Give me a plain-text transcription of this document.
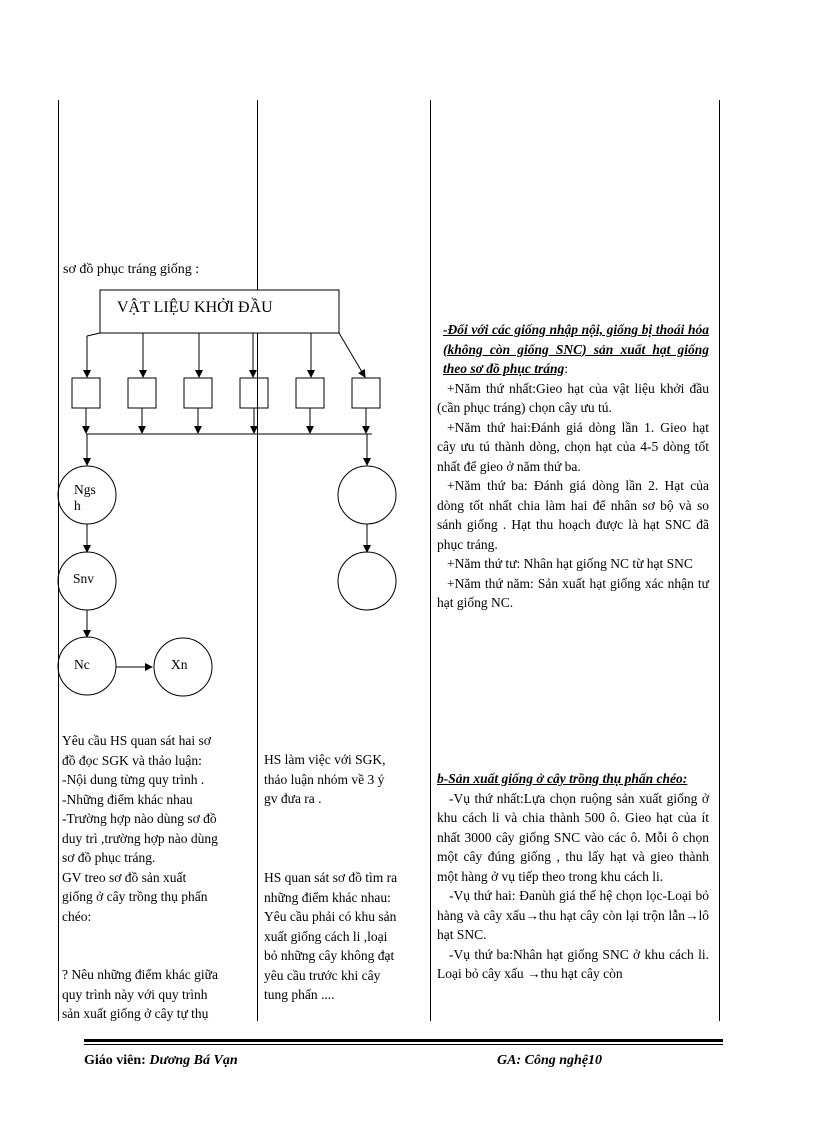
sơ đồ phục tráng giống :
VẬT LIỆU KHỞI ĐẦU
Ngs h
Snv
Nc	Xn
Yêu cầu HS quan sát hai sơ
đồ đọc SGK và thảo luận:
-Nội dung từng quy trình .
-Những điểm khác nhau
-Trường hợp nào dùng sơ đồ
duy trì ,trường hợp nào dùng
sơ đồ phục tráng.
GV treo sơ đồ sản xuất
giống ở cây trồng thụ phấn
chéo:
? Nêu những điểm khác giữa
quy trình này với quy trình
sản xuất giống ở cây tự thụ
HS làm việc với SGK,
thảo luận nhóm về 3 ý
gv đưa ra .
HS quan sát sơ đồ tìm ra
những điểm khác nhau:
Yêu cầu phải có khu sản
xuất giống cách li ,loại
bỏ những cây không đạt
yêu cầu trước khi cây
tung phấn ....

-Đối với các giống nhập nội, giống bị thoái hóa (không còn giống SNC) sản xuất hạt giống theo sơ đồ phục tráng:

+Năm thứ nhất:Gieo hạt của vật liệu khởi đầu (cần phục tráng) chọn cây ưu tú.

+Năm thứ hai:Đánh giá dòng lần 1. Gieo hạt cây ưu tú thành dòng, chọn hạt của 4-5 dòng tốt nhất để gieo ở năm thứ ba.

+Năm thứ ba: Đánh giá dòng lần 2. Hạt của dòng tốt nhất chia làm hai để nhân sơ bộ và so sánh giống . Hạt thu hoạch được là hạt SNC đã phục tráng.

+Năm thứ tư: Nhân hạt giống NC từ hạt SNC

+Năm thứ năm: Sản xuất hạt giống xác nhận tư hạt giống NC.

b-Sản xuất giống ở cây trồng thụ phấn chéo:

-Vụ thứ nhất:Lựa chọn ruộng sản xuất giống ở khu cách li và chia thành 500 ô. Gieo hạt của ít nhất 3000 cây giống SNC vào các ô. Mỗi ô chọn một cây đúng giống , thu lấy hạt và gieo thành một hàng ở vụ tiếp theo trong khu cách li.

-Vụ thứ hai: Đanùh giá thế hệ chọn lọc-Loại bỏ hàng và cây xấu→thu hạt cây còn lại trộn lẫn→lô hạt SNC.

-Vụ thứ ba:Nhân hạt giống SNC ở khu cách li. Loại bỏ cây xấu →thu hạt cây còn

Giáo viên: Dương Bá Vạn	GA: Công nghệ10
